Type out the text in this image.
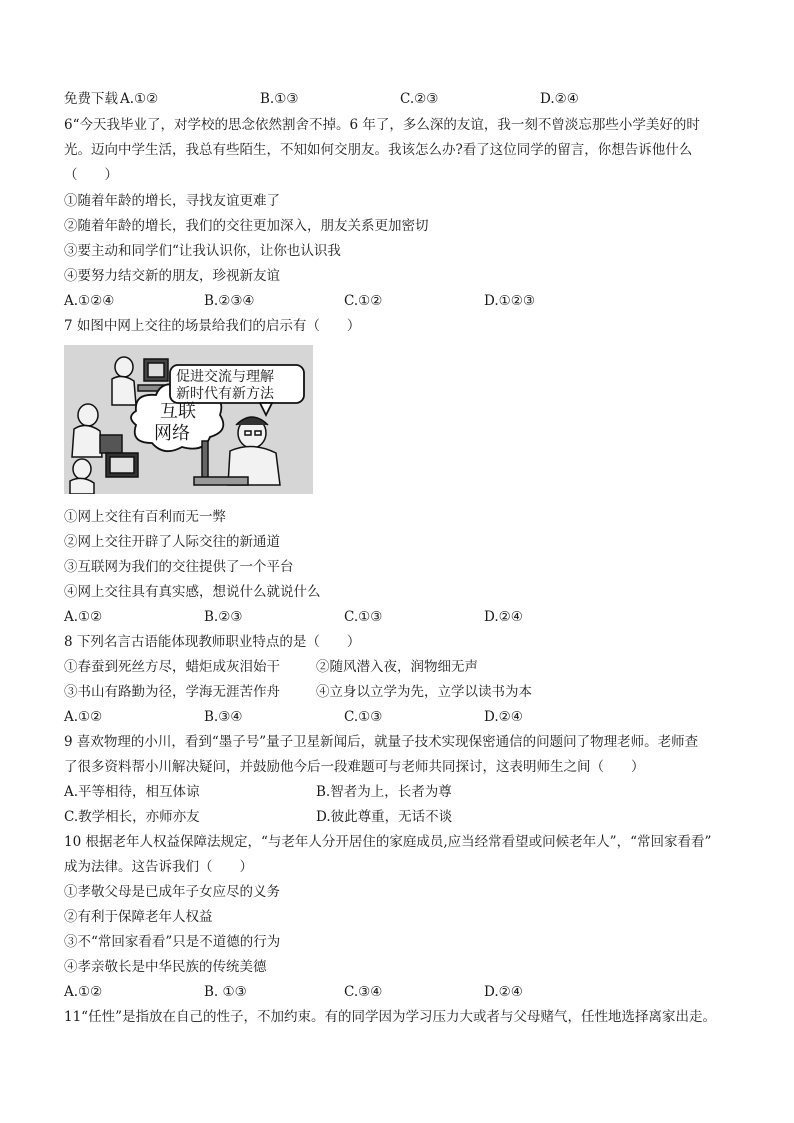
免费下载 A.①②	B.①③	C.②③	D.②④
6“今天我毕业了，对学校的思念依然割舍不掉。6 年了，多么深的友谊，我一刻不曾淡忘那些小学美好的时
光。迈向中学生活，我总有些陌生，不知如何交朋友。我该怎么办?看了这位同学的留言，你想告诉他什么
（　　）
①随着年龄的增长，寻找友谊更难了
②随着年龄的增长，我们的交往更加深入，朋友关系更加密切
③要主动和同学们“让我认识你，让你也认识我
④要努力结交新的朋友，珍视新友谊
A.①②④	B.②③④	C.①②	D.①②③
7 如图中网上交往的场景给我们的启示有（　　）
互联
网络
促进交流与理解
新时代有新方法
①网上交往有百利而无一弊
②网上交往开辟了人际交往的新通道
③互联网为我们的交往提供了一个平台
④网上交往具有真实感，想说什么就说什么
A.①②	B.②③	C.①③	D.②④
8 下列名言古语能体现教师职业特点的是（　　）
①春蚕到死丝方尽，蜡炬成灰泪始干	②随风潜入夜，润物细无声
③书山有路勤为径，学海无涯苦作舟	④立身以立学为先，立学以读书为本
A.①②	B.③④	C.①③	D.②④
9 喜欢物理的小川，看到“墨子号”量子卫星新闻后，就量子技术实现保密通信的问题问了物理老师。老师查
了很多资料帮小川解决疑问，并鼓励他今后一段难题可与老师共同探讨，这表明师生之间（　　）
A.平等相待，相互体谅	B.智者为上，长者为尊
C.教学相长，亦师亦友	D.彼此尊重，无话不谈
10 根据老年人权益保障法规定，“与老年人分开居住的家庭成员,应当经常看望或问候老年人”，“常回家看看”
成为法律。这告诉我们（　　）
①孝敬父母是已成年子女应尽的义务
②有利于保障老年人权益
③不“常回家看看”只是不道德的行为
④孝亲敬长是中华民族的传统美德
A.①②	B. ①③	C.③④	D.②④
11“任性”是指放在自己的性子，不加约束。有的同学因为学习压力大或者与父母赌气，任性地选择离家出走。
